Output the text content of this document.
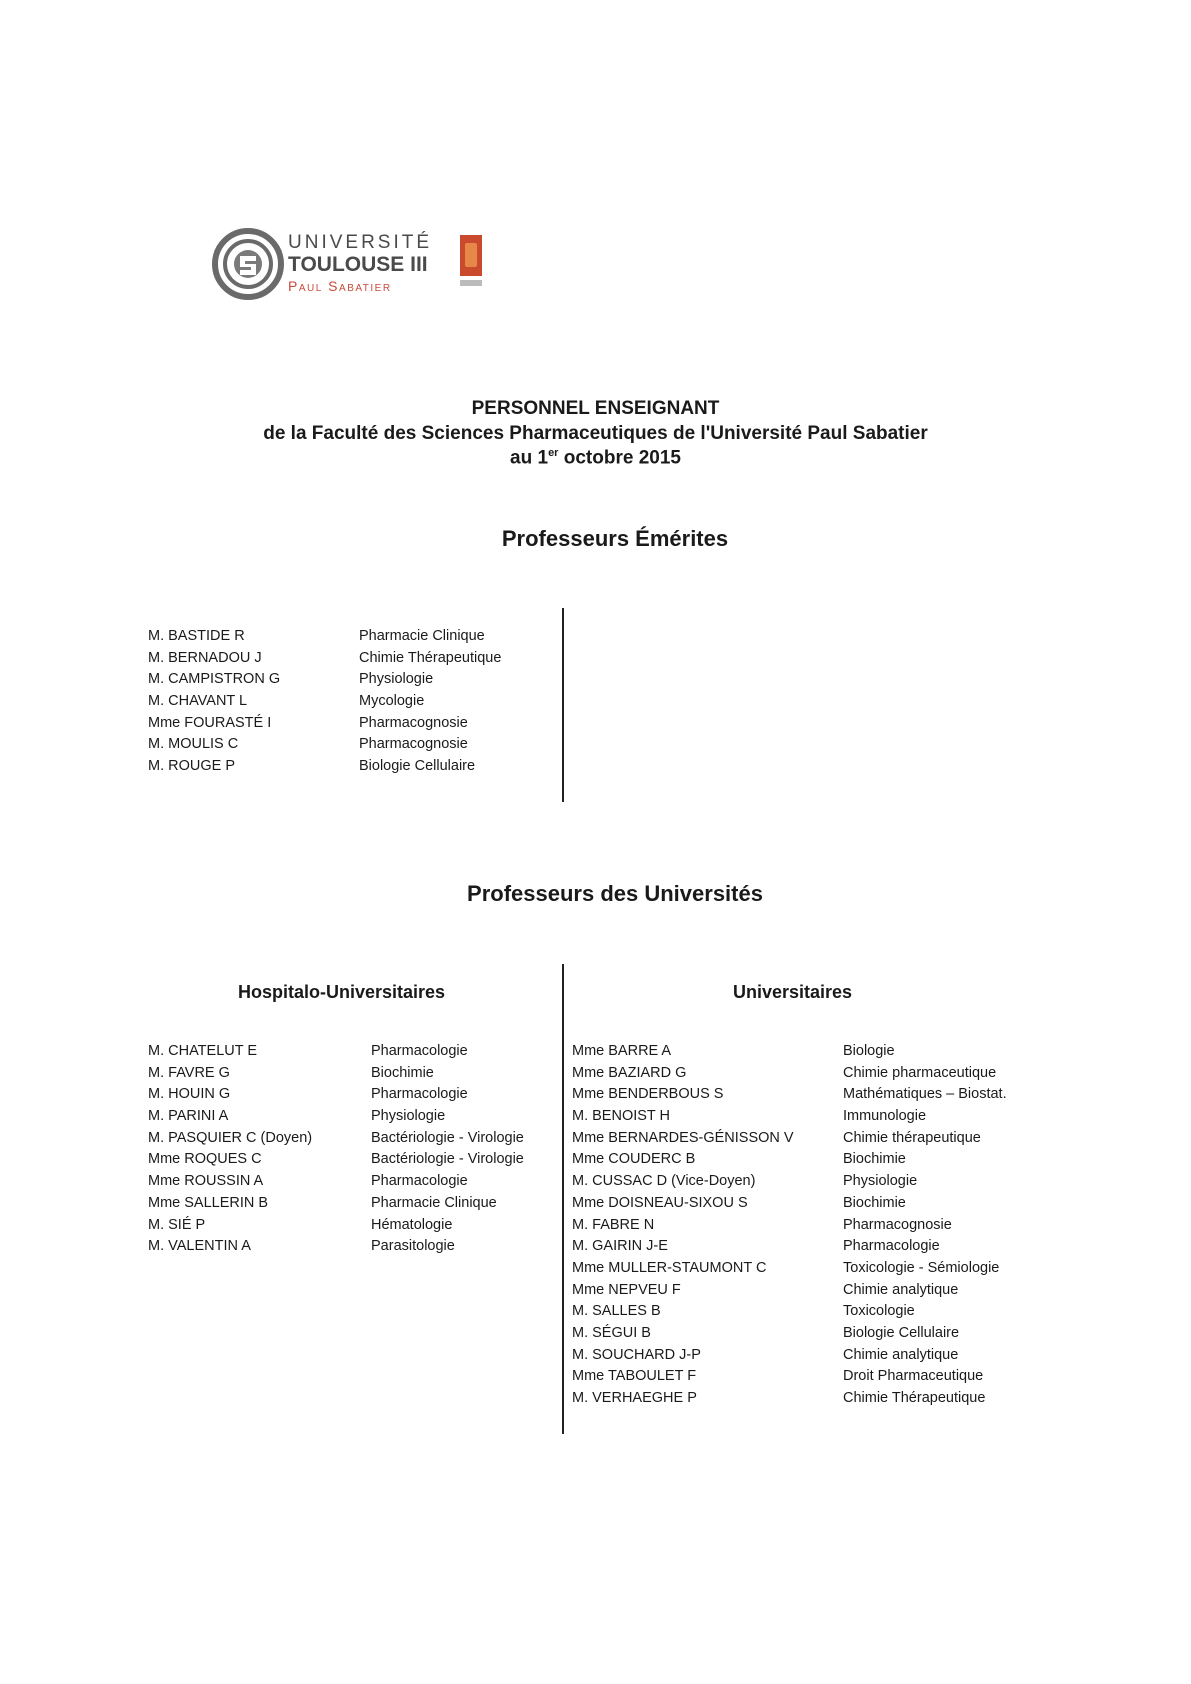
UNIVERSITÉ
TOULOUSE III
Paul Sabatier
PERSONNEL ENSEIGNANT
de la Faculté des Sciences Pharmaceutiques de l'Université Paul Sabatier
au 1er octobre 2015
Professeurs Émérites
M. BASTIDE R	Pharmacie Clinique
M. BERNADOU J	Chimie Thérapeutique
M. CAMPISTRON G	Physiologie
M. CHAVANT L	Mycologie
Mme FOURASTÉ I	Pharmacognosie
M. MOULIS C	Pharmacognosie
M. ROUGE P	Biologie Cellulaire
Professeurs des Universités
Hospitalo-Universitaires	Universitaires
M. CHATELUT E	Pharmacologie
M. FAVRE G	Biochimie
M. HOUIN G	Pharmacologie
M. PARINI A	Physiologie
M. PASQUIER C (Doyen)	Bactériologie - Virologie
Mme ROQUES C	Bactériologie - Virologie
Mme ROUSSIN A	Pharmacologie
Mme SALLERIN B	Pharmacie Clinique
M. SIÉ P	Hématologie
M. VALENTIN A	Parasitologie
Mme BARRE A	Biologie
Mme BAZIARD G	Chimie pharmaceutique
Mme BENDERBOUS S	Mathématiques – Biostat.
M. BENOIST H	Immunologie
Mme BERNARDES-GÉNISSON V	Chimie thérapeutique
Mme COUDERC B	Biochimie
M. CUSSAC D (Vice-Doyen)	Physiologie
Mme DOISNEAU-SIXOU S	Biochimie
M. FABRE N	Pharmacognosie
M. GAIRIN J-E	Pharmacologie
Mme MULLER-STAUMONT C	Toxicologie - Sémiologie
Mme NEPVEU F	Chimie analytique
M. SALLES B	Toxicologie
M. SÉGUI B	Biologie Cellulaire
M. SOUCHARD J-P	Chimie analytique
Mme TABOULET F	Droit Pharmaceutique
M. VERHAEGHE P	Chimie Thérapeutique
